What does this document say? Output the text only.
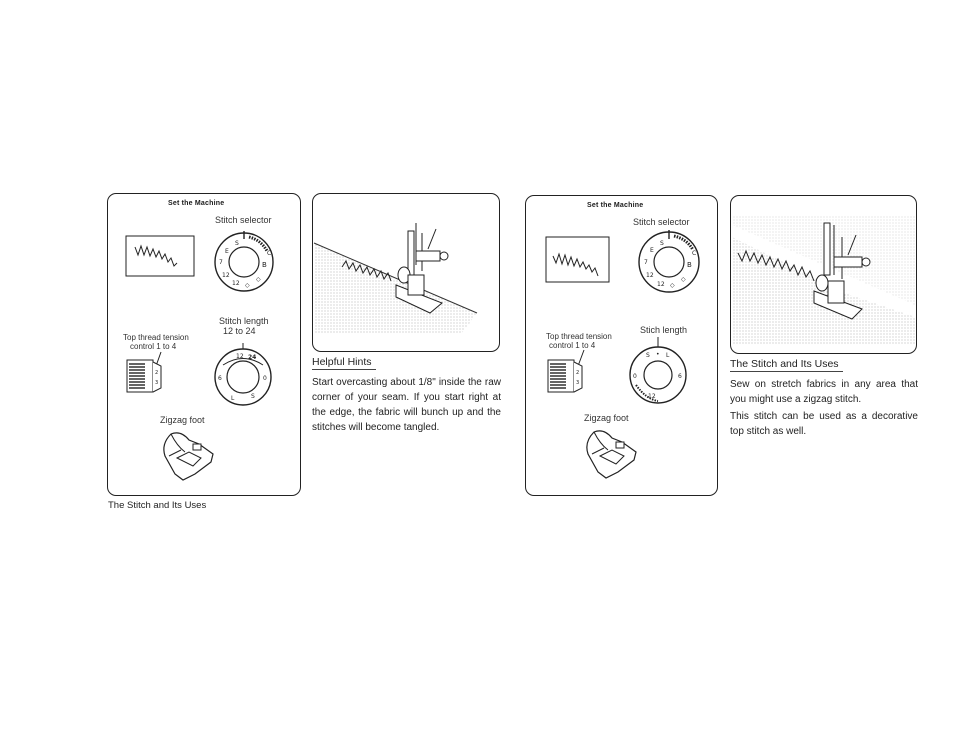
Set the Machine
Stitch selector
E
S
7
12
12 ◇
◇
B
C
Stitch length
12 to 24
Top thread tension
control 1 to 4
2
3
12 24
6	0
L	S
Zigzag foot
The Stitch and Its Uses
Helpful Hints
Start overcasting about 1/8" inside the raw corner of your seam. If you start right at the edge, the fabric will bunch up and the stitches will become tangled.
Set the Machine
Stitch selector
E
S
7
12
12 ◇
◇
B
C
Stich length
Top thread tension
control 1 to 4
2
3
S • L
0	6
12
Zigzag foot
The Stitch and Its Uses
Sew on stretch fabrics in any area that you might use a zigzag stitch.
This stitch can be used as a decorative top stitch as well.
